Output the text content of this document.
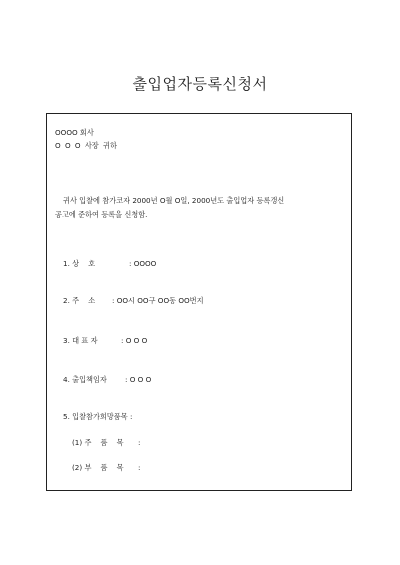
출입업자등록신청서
OOOO 회사
O O O 사장 귀하
귀사 입찰에 참가코자 2000년 O월 O일, 2000년도 출입업자 등록갱신
공고에 준하여 등록을 신청함.
1. 상    호	: OOOO
2. 주    소 : OO시 OO구 OO동 OO번지
3. 대 표 자	: O O O
4. 출입책임자	: O O O
5. 입찰참가희망품목 :
(1) 주    품    목 :
(2) 부    품    목 :
